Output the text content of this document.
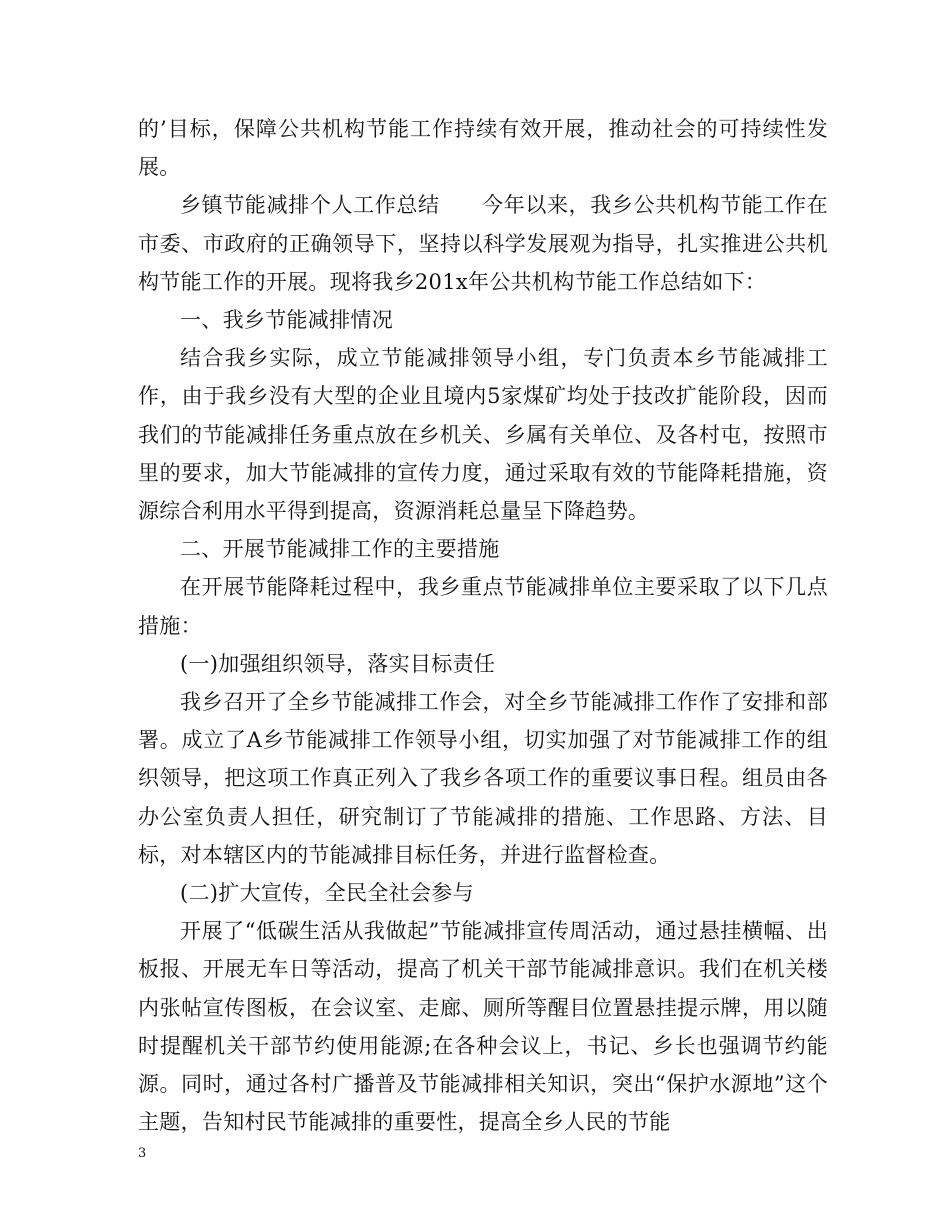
的’目标，保障公共机构节能工作持续有效开展，推动社会的可持续性发展。

乡镇节能减排个人工作总结 今年以来，我乡公共机构节能工作在市委、市政府的正确领导下，坚持以科学发展观为指导，扎实推进公共机构节能工作的开展。现将我乡201x年公共机构节能工作总结如下：

一、我乡节能减排情况

结合我乡实际，成立节能减排领导小组，专门负责本乡节能减排工作，由于我乡没有大型的企业且境内5家煤矿均处于技改扩能阶段，因而我们的节能减排任务重点放在乡机关、乡属有关单位、及各村屯，按照市里的要求，加大节能减排的宣传力度，通过采取有效的节能降耗措施，资源综合利用水平得到提高，资源消耗总量呈下降趋势。

二、开展节能减排工作的主要措施

在开展节能降耗过程中，我乡重点节能减排单位主要采取了以下几点措施：

(一)加强组织领导，落实目标责任

我乡召开了全乡节能减排工作会，对全乡节能减排工作作了安排和部署。成立了A乡节能减排工作领导小组，切实加强了对节能减排工作的组织领导，把这项工作真正列入了我乡各项工作的重要议事日程。组员由各办公室负责人担任，研究制订了节能减排的措施、工作思路、方法、目标，对本辖区内的节能减排目标任务，并进行监督检查。

(二)扩大宣传，全民全社会参与

开展了“低碳生活从我做起”节能减排宣传周活动，通过悬挂横幅、出板报、开展无车日等活动，提高了机关干部节能减排意识。我们在机关楼内张帖宣传图板，在会议室、走廊、厕所等醒目位置悬挂提示牌，用以随时提醒机关干部节约使用能源;在各种会议上，书记、乡长也强调节约能源。同时，通过各村广播普及节能减排相关知识，突出“保护水源地”这个主题，告知村民节能减排的重要性，提高全乡人民的节能

3
